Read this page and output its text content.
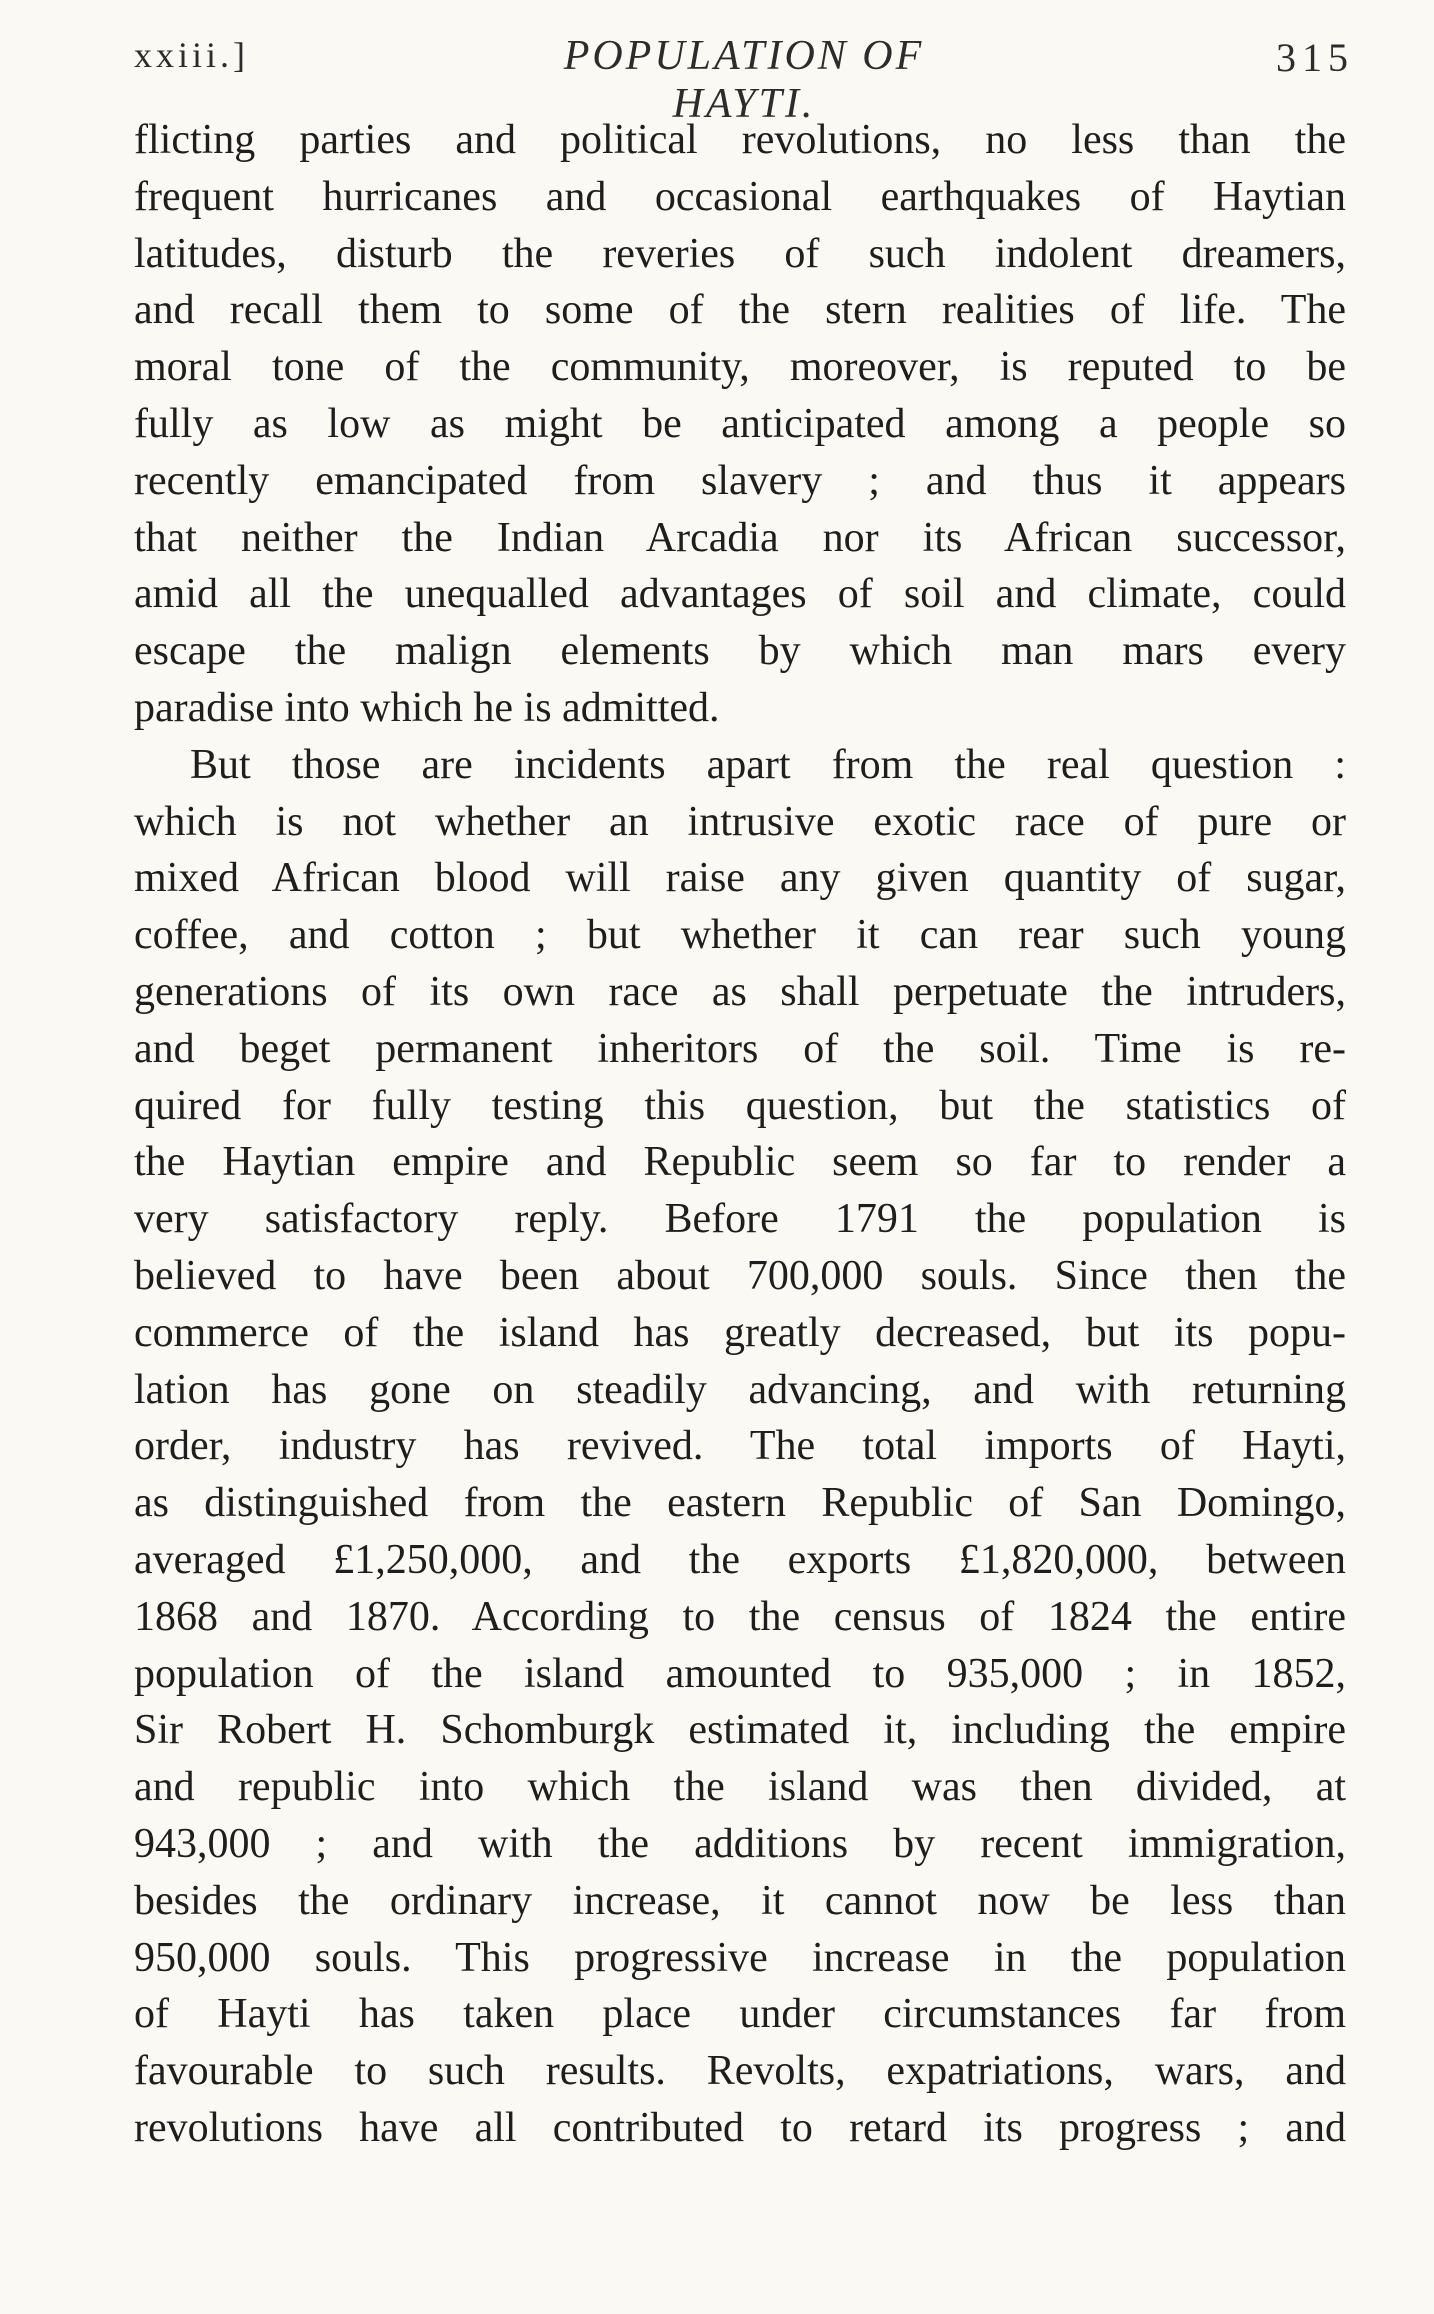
xxiii.]	POPULATION OF HAYTI.
315
flicting parties and political revolutions, no less than the
frequent hurricanes and occasional earthquakes of Haytian
latitudes, disturb the reveries of such indolent dreamers,
and recall them to some of the stern realities of life. The
moral tone of the community, moreover, is reputed to be
fully as low as might be anticipated among a people so
recently emancipated from slavery ; and thus it appears
that neither the Indian Arcadia nor its African successor,
amid all the unequalled advantages of soil and climate, could
escape the malign elements by which man mars every
paradise into which he is admitted.
But those are incidents apart from the real question :
which is not whether an intrusive exotic race of pure or
mixed African blood will raise any given quantity of sugar,
coffee, and cotton ; but whether it can rear such young
generations of its own race as shall perpetuate the intruders,
and beget permanent inheritors of the soil. Time is re-
quired for fully testing this question, but the statistics of
the Haytian empire and Republic seem so far to render a
very satisfactory reply. Before 1791 the population is
believed to have been about 700,000 souls. Since then the
commerce of the island has greatly decreased, but its popu-
lation has gone on steadily advancing, and with returning
order, industry has revived. The total imports of Hayti,
as distinguished from the eastern Republic of San Domingo,
averaged £1,250,000, and the exports £1,820,000, between
1868 and 1870. According to the census of 1824 the entire
population of the island amounted to 935,000 ; in 1852,
Sir Robert H. Schomburgk estimated it, including the empire
and republic into which the island was then divided, at
943,000 ; and with the additions by recent immigration,
besides the ordinary increase, it cannot now be less than
950,000 souls. This progressive increase in the population
of Hayti has taken place under circumstances far from
favourable to such results. Revolts, expatriations, wars, and
revolutions have all contributed to retard its progress ; and
